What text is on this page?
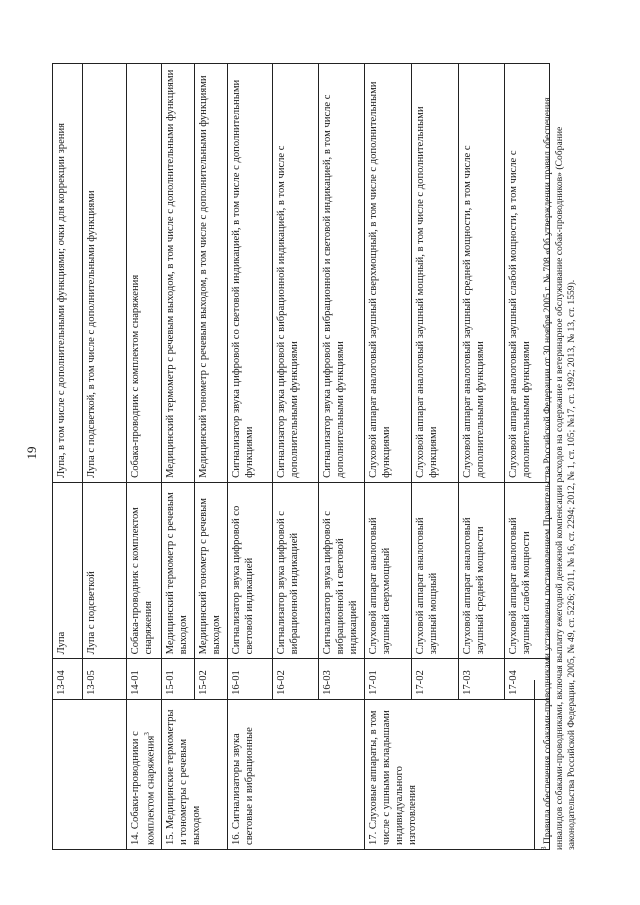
19
	13-04	Лупа	Лупа, в том числе с дополнительными функциями; очки для коррекции зрения
	13-05	Лупа с подсветкой	Лупа с подсветкой, в том числе с дополнительными функциями
14. Собаки-проводники с комплектом снаряжения$^3$	14-01	Собака-проводник с комплектом снаряжения	Собака-проводник с комплектом снаряжения
15. Медицинские термометры и тонометры с речевым выходом	15-01	Медицинский термометр с речевым выходом	Медицинский термометр с речевым выходом, в том числе с дополнительными функциями
	15-02	Медицинский тонометр с речевым выходом	Медицинский тонометр с речевым выходом, в том числе с дополнительными функциями
16. Сигнализаторы звука световые и вибрационные	16-01	Сигнализатор звука цифровой со световой индикацией	Сигнализатор звука цифровой со световой индикацией, в том числе с дополнительными функциями
	16-02	Сигнализатор звука цифровой с вибрационной индикацией	Сигнализатор звука цифровой с вибрационной индикацией, в том числе с дополнительными функциями
	16-03	Сигнализатор звука цифровой с вибрационной и световой индикацией	Сигнализатор звука цифровой с вибрационной и световой индикацией, в том числе с дополнительными функциями
17. Слуховые аппараты, в том числе с ушными вкладышами индивидуального изготовления	17-01	Слуховой аппарат аналоговый заушный сверхмощный	Слуховой аппарат аналоговый заушный сверхмощный, в том числе с дополнительными функциями
	17-02	Слуховой аппарат аналоговый заушный мощный	Слуховой аппарат аналоговый заушный мощный, в том числе с дополнительными функциями
	17-03	Слуховой аппарат аналоговый заушный средней мощности	Слуховой аппарат аналоговый заушный средней мощности, в том числе с дополнительными функциями
	17-04	Слуховой аппарат аналоговый заушный слабой мощности	Слуховой аппарат аналоговый заушный слабой мощности, в том числе с дополнительными функциями
$^3$ Правила обеспечения собаками-проводниками установлены постановлением Правительства Российской Федерации от 30 ноября 2005 г. № 708 «Об утверждении правил обеспечения инвалидов собаками-проводниками, включая выплату ежегодной денежной компенсации расходов на содержание и ветеринарное обслуживание собак-проводников» (Собрание законодательства Российской Федерации, 2005, № 49, ст. 5226; 2011, № 16, ст. 2294; 2012, № 1, ст. 105; №17, ст. 1992; 2013, № 13, ст. 1559).
